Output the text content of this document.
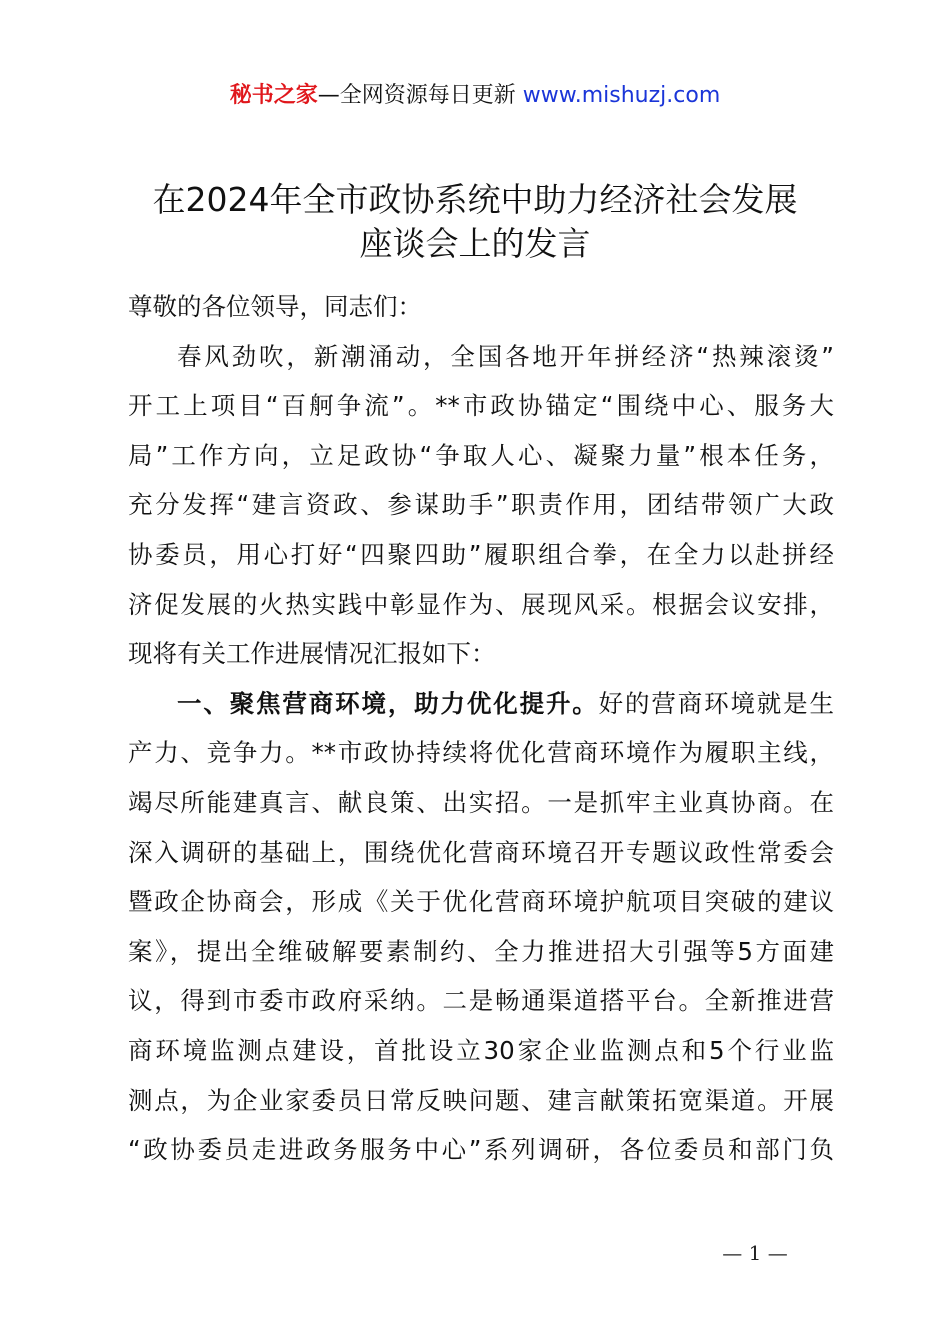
秘书之家—全网资源每日更新 www.mishuzj.com
在2024年全市政协系统中助力经济社会发展
座谈会上的发言
尊敬的各位领导，同志们：
春风劲吹，新潮涌动，全国各地开年拼经济“热辣滚烫”
开工上项目“百舸争流”。**市政协锚定“围绕中心、服务大
局”工作方向，立足政协“争取人心、凝聚力量”根本任务，
充分发挥“建言资政、参谋助手”职责作用，团结带领广大政
协委员，用心打好“四聚四助”履职组合拳，在全力以赴拼经
济促发展的火热实践中彰显作为、展现风采。根据会议安排，
现将有关工作进展情况汇报如下：
一、聚焦营商环境，助力优化提升。好的营商环境就是生
产力、竞争力。**市政协持续将优化营商环境作为履职主线，
竭尽所能建真言、献良策、出实招。一是抓牢主业真协商。在
深入调研的基础上，围绕优化营商环境召开专题议政性常委会
暨政企协商会，形成《关于优化营商环境护航项目突破的建议
案》，提出全维破解要素制约、全力推进招大引强等5方面建
议，得到市委市政府采纳。二是畅通渠道搭平台。全新推进营
商环境监测点建设，首批设立30家企业监测点和5个行业监
测点，为企业家委员日常反映问题、建言献策拓宽渠道。开展
“政协委员走进政务服务中心”系列调研，各位委员和部门负
— 1 —
